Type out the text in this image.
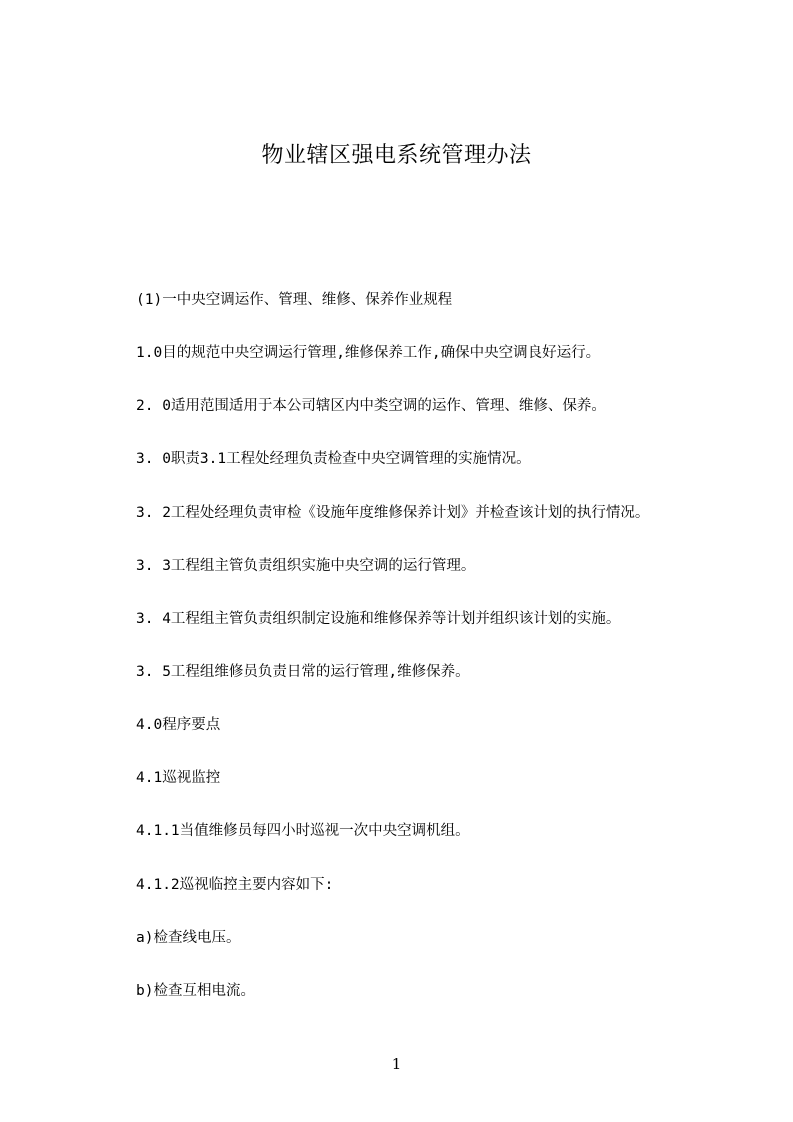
物业辖区强电系统管理办法
(1)一中央空调运作、管理、维修、保养作业规程
1.0目的规范中央空调运行管理,维修保养工作,确保中央空调良好运行。
2. 0适用范围适用于本公司辖区内中类空调的运作、管理、维修、保养。
3. 0职责3.1工程处经理负责检查中央空调管理的实施情况。
3. 2工程处经理负责审检《设施年度维修保养计划》并检查该计划的执行情况。
3. 3工程组主管负责组织实施中央空调的运行管理。
3. 4工程组主管负责组织制定设施和维修保养等计划并组织该计划的实施。
3. 5工程组维修员负责日常的运行管理,维修保养。
4.0程序要点
4.1巡视监控
4.1.1当值维修员每四小时巡视一次中央空调机组。
4.1.2巡视临控主要内容如下:
a)检查线电压。
b)检查互相电流。
1
